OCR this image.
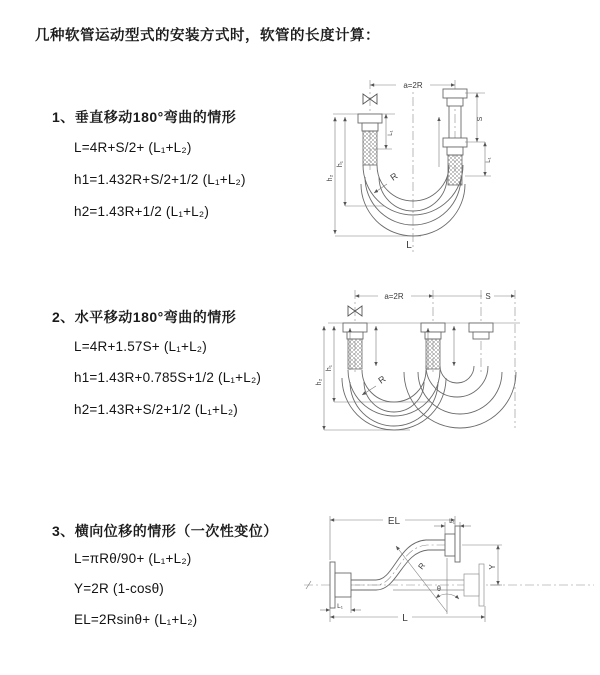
几种软管运动型式的安装方式时，软管的长度计算：
1、垂直移动180°弯曲的情形
L=4R+S/2+ (L₁+L₂)
h1=1.432R+S/2+1/2 (L₁+L₂)
h2=1.43R+1/2 (L₁+L₂)
2、水平移动180°弯曲的情形
L=4R+1.57S+ (L₁+L₂)
h1=1.43R+0.785S+1/2 (L₁+L₂)
h2=1.43R+S/2+1/2 (L₁+L₂)
3、横向位移的情形（一次性变位）
L=πRθ/90+ (L₁+L₂)
Y=2R (1-cosθ)
EL=2Rsinθ+ (L₁+L₂)
a=2R
h₂
h₁
L₁
S
L₁
R
L
a=2R	S
h₂
h₁
R
EL	L₁
Y
R
θ
L
L₁
